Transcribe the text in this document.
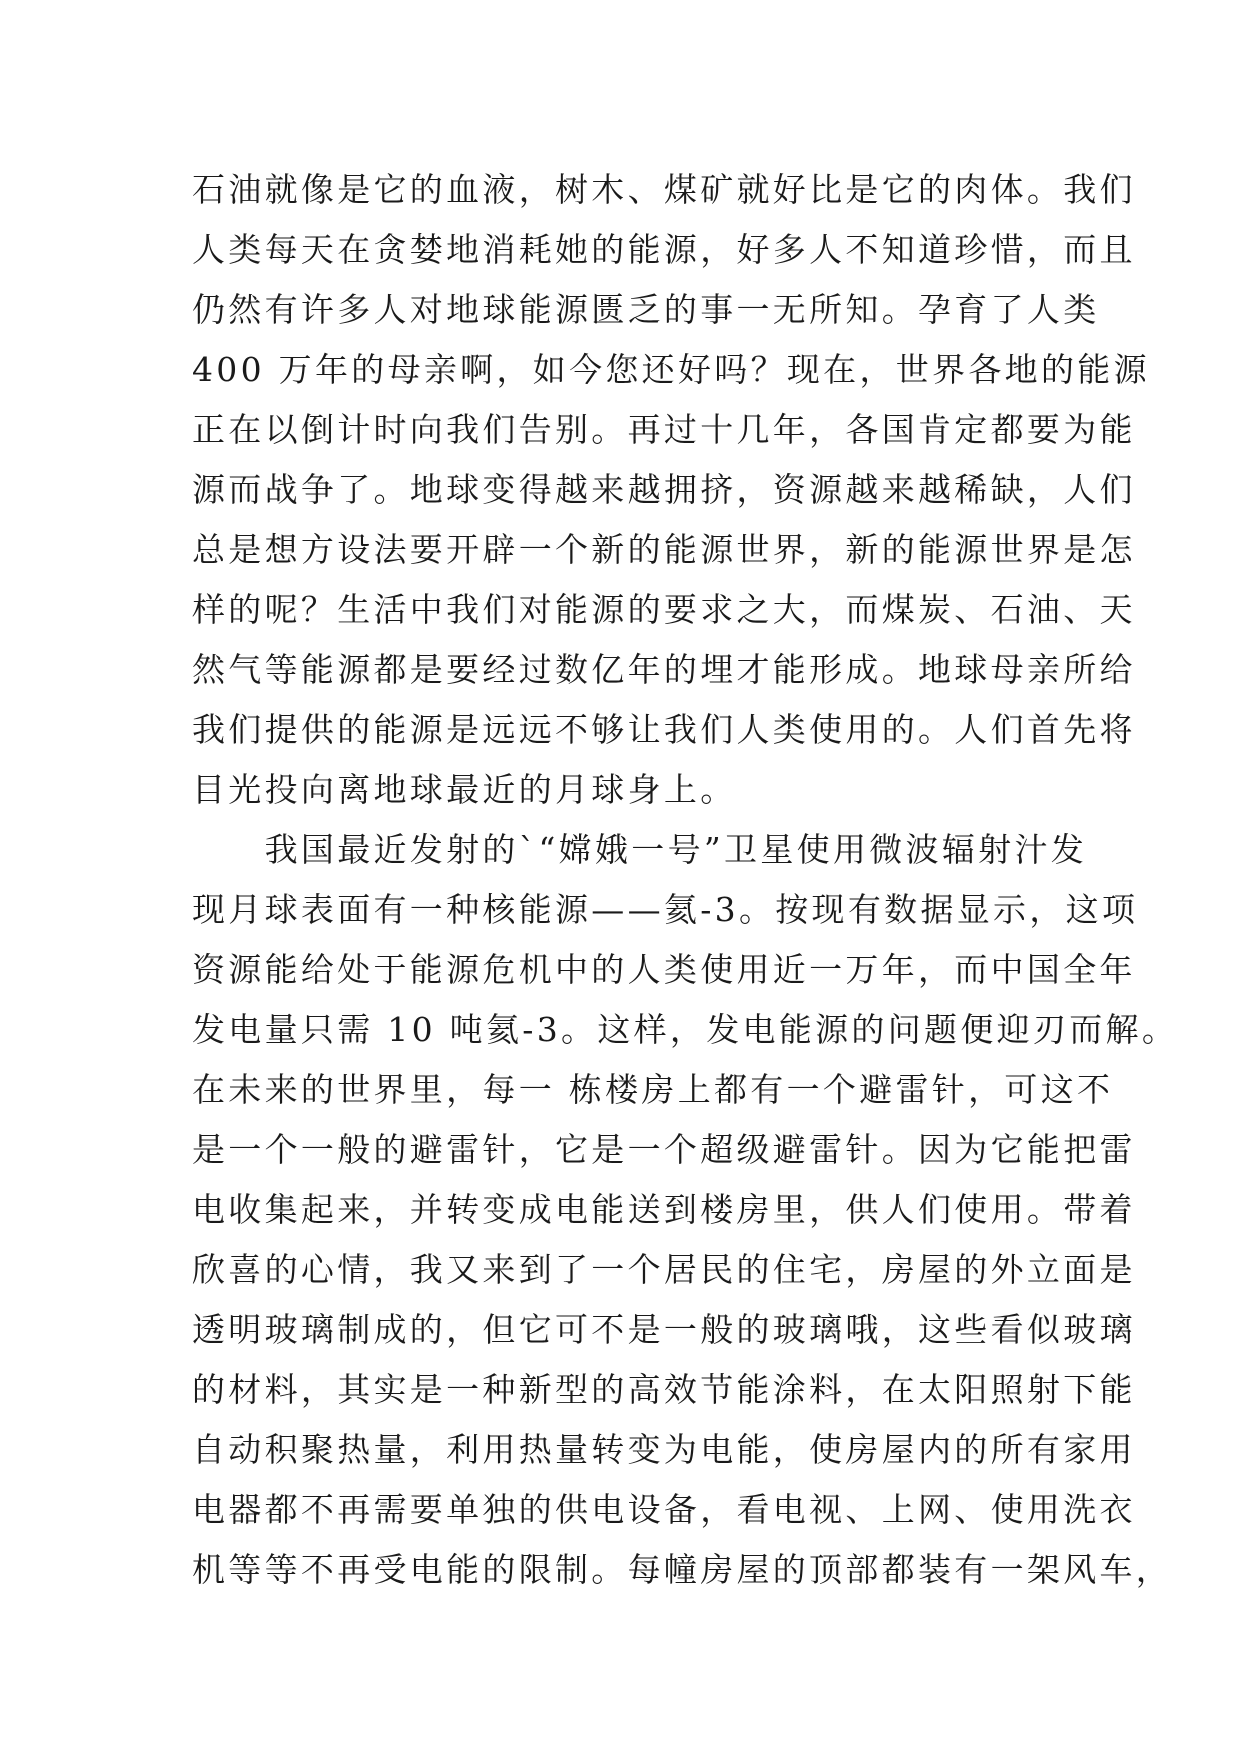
石油就像是它的血液，树木、煤矿就好比是它的肉体。我们
人类每天在贪婪地消耗她的能源，好多人不知道珍惜，而且
仍然有许多人对地球能源匮乏的事一无所知。孕育了人类
400 万年的母亲啊，如今您还好吗？现在，世界各地的能源
正在以倒计时向我们告别。再过十几年，各国肯定都要为能
源而战争了。地球变得越来越拥挤，资源越来越稀缺，人们
总是想方设法要开辟一个新的能源世界，新的能源世界是怎
样的呢？生活中我们对能源的要求之大，而煤炭、石油、天
然气等能源都是要经过数亿年的埋才能形成。地球母亲所给
我们提供的能源是远远不够让我们人类使用的。人们首先将
目光投向离地球最近的月球身上。
　　我国最近发射的`“嫦娥一号”卫星使用微波辐射汁发
现月球表面有一种核能源——氦-3。按现有数据显示，这项
资源能给处于能源危机中的人类使用近一万年，而中国全年
发电量只需 10 吨氦-3。这样，发电能源的问题便迎刃而解。
在未来的世界里，每一 栋楼房上都有一个避雷针，可这不
是一个一般的避雷针，它是一个超级避雷针。因为它能把雷
电收集起来，并转变成电能送到楼房里，供人们使用。带着
欣喜的心情，我又来到了一个居民的住宅，房屋的外立面是
透明玻璃制成的，但它可不是一般的玻璃哦，这些看似玻璃
的材料，其实是一种新型的高效节能涂料，在太阳照射下能
自动积聚热量，利用热量转变为电能，使房屋内的所有家用
电器都不再需要单独的供电设备，看电视、上网、使用洗衣
机等等不再受电能的限制。每幢房屋的顶部都装有一架风车，
